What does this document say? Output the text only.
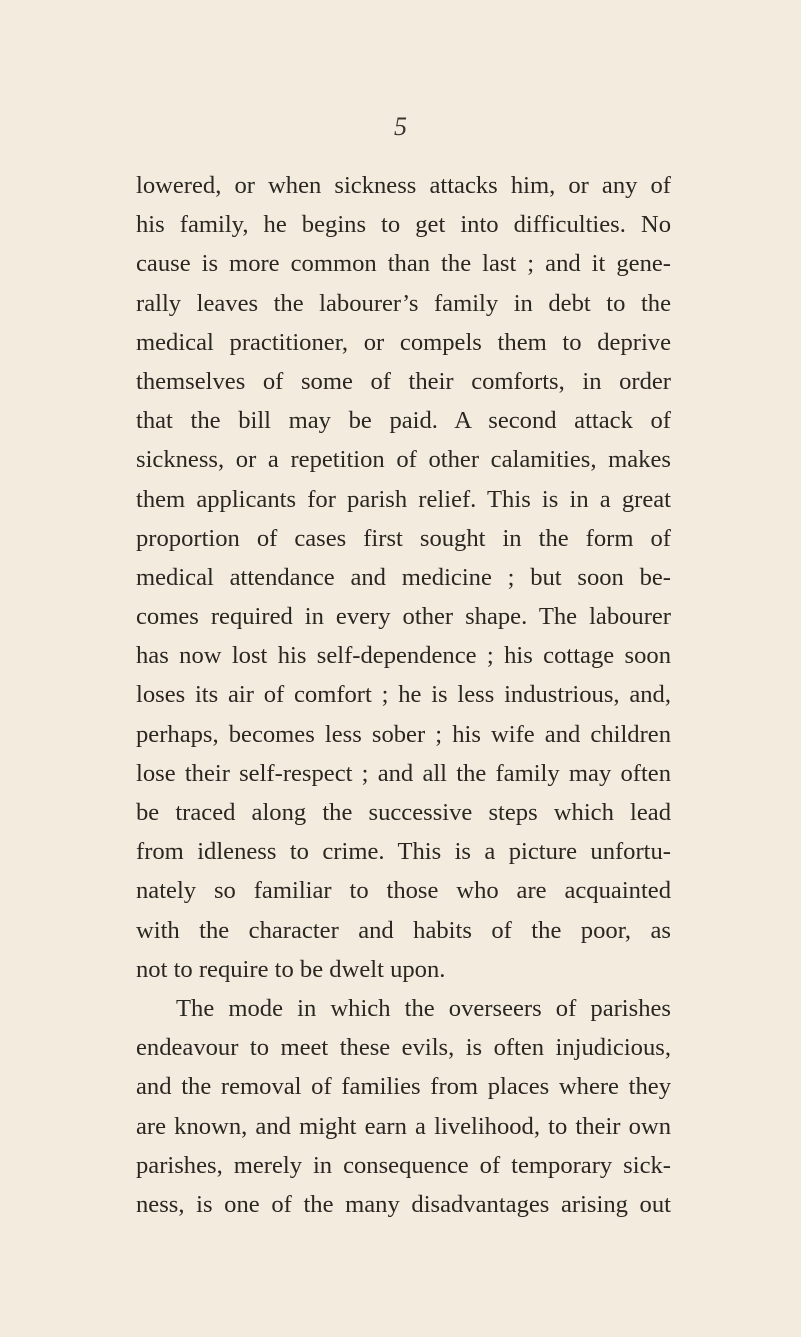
5
lowered, or when sickness attacks him, or any of
his family, he begins to get into difficulties. No
cause is more common than the last ; and it gene-
rally leaves the labourer’s family in debt to the
medical practitioner, or compels them to deprive
themselves of some of their comforts, in order
that the bill may be paid. A second attack of
sickness, or a repetition of other calamities, makes
them applicants for parish relief. This is in a great
proportion of cases first sought in the form of
medical attendance and medicine ; but soon be-
comes required in every other shape. The labourer
has now lost his self-dependence ; his cottage soon
loses its air of comfort ; he is less industrious, and,
perhaps, becomes less sober ; his wife and children
lose their self-respect ; and all the family may often
be traced along the successive steps which lead
from idleness to crime. This is a picture unfortu-
nately so familiar to those who are acquainted
with the character and habits of the poor, as
not to require to be dwelt upon.
The mode in which the overseers of parishes
endeavour to meet these evils, is often injudicious,
and the removal of families from places where they
are known, and might earn a livelihood, to their own
parishes, merely in consequence of temporary sick-
ness, is one of the many disadvantages arising out
